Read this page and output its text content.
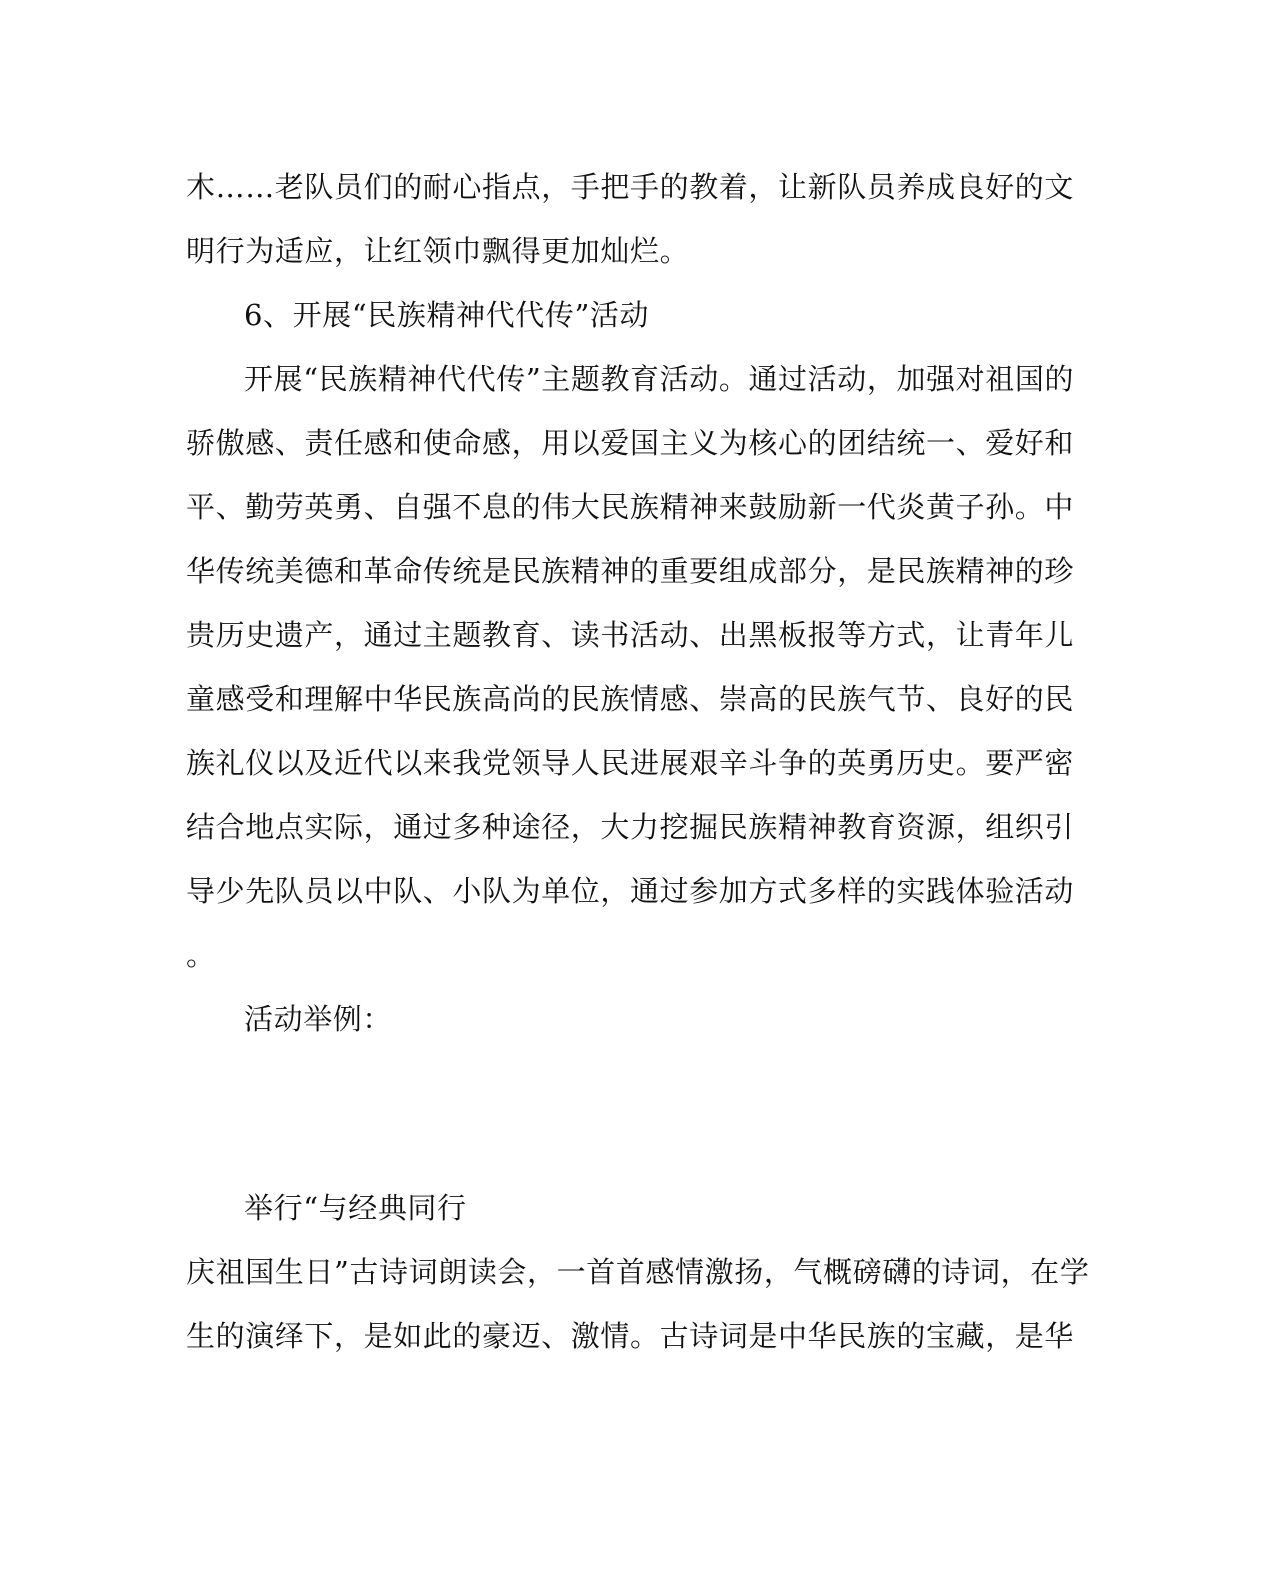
木……老队员们的耐心指点，手把手的教着，让新队员养成良好的文
明行为适应，让红领巾飘得更加灿烂。
6、开展“民族精神代代传”活动
开展“民族精神代代传”主题教育活动。通过活动，加强对祖国的
骄傲感、责任感和使命感，用以爱国主义为核心的团结统一、爱好和
平、勤劳英勇、自强不息的伟大民族精神来鼓励新一代炎黄子孙。中
华传统美德和革命传统是民族精神的重要组成部分，是民族精神的珍
贵历史遗产，通过主题教育、读书活动、出黑板报等方式，让青年儿
童感受和理解中华民族高尚的民族情感、崇高的民族气节、良好的民
族礼仪以及近代以来我党领导人民进展艰辛斗争的英勇历史。要严密
结合地点实际，通过多种途径，大力挖掘民族精神教育资源，组织引
导少先队员以中队、小队为单位，通过参加方式多样的实践体验活动
。
活动举例：
举行“与经典同行
庆祖国生日”古诗词朗读会，一首首感情激扬，气概磅礴的诗词，在学
生的演绎下，是如此的豪迈、激情。古诗词是中华民族的宝藏，是华
